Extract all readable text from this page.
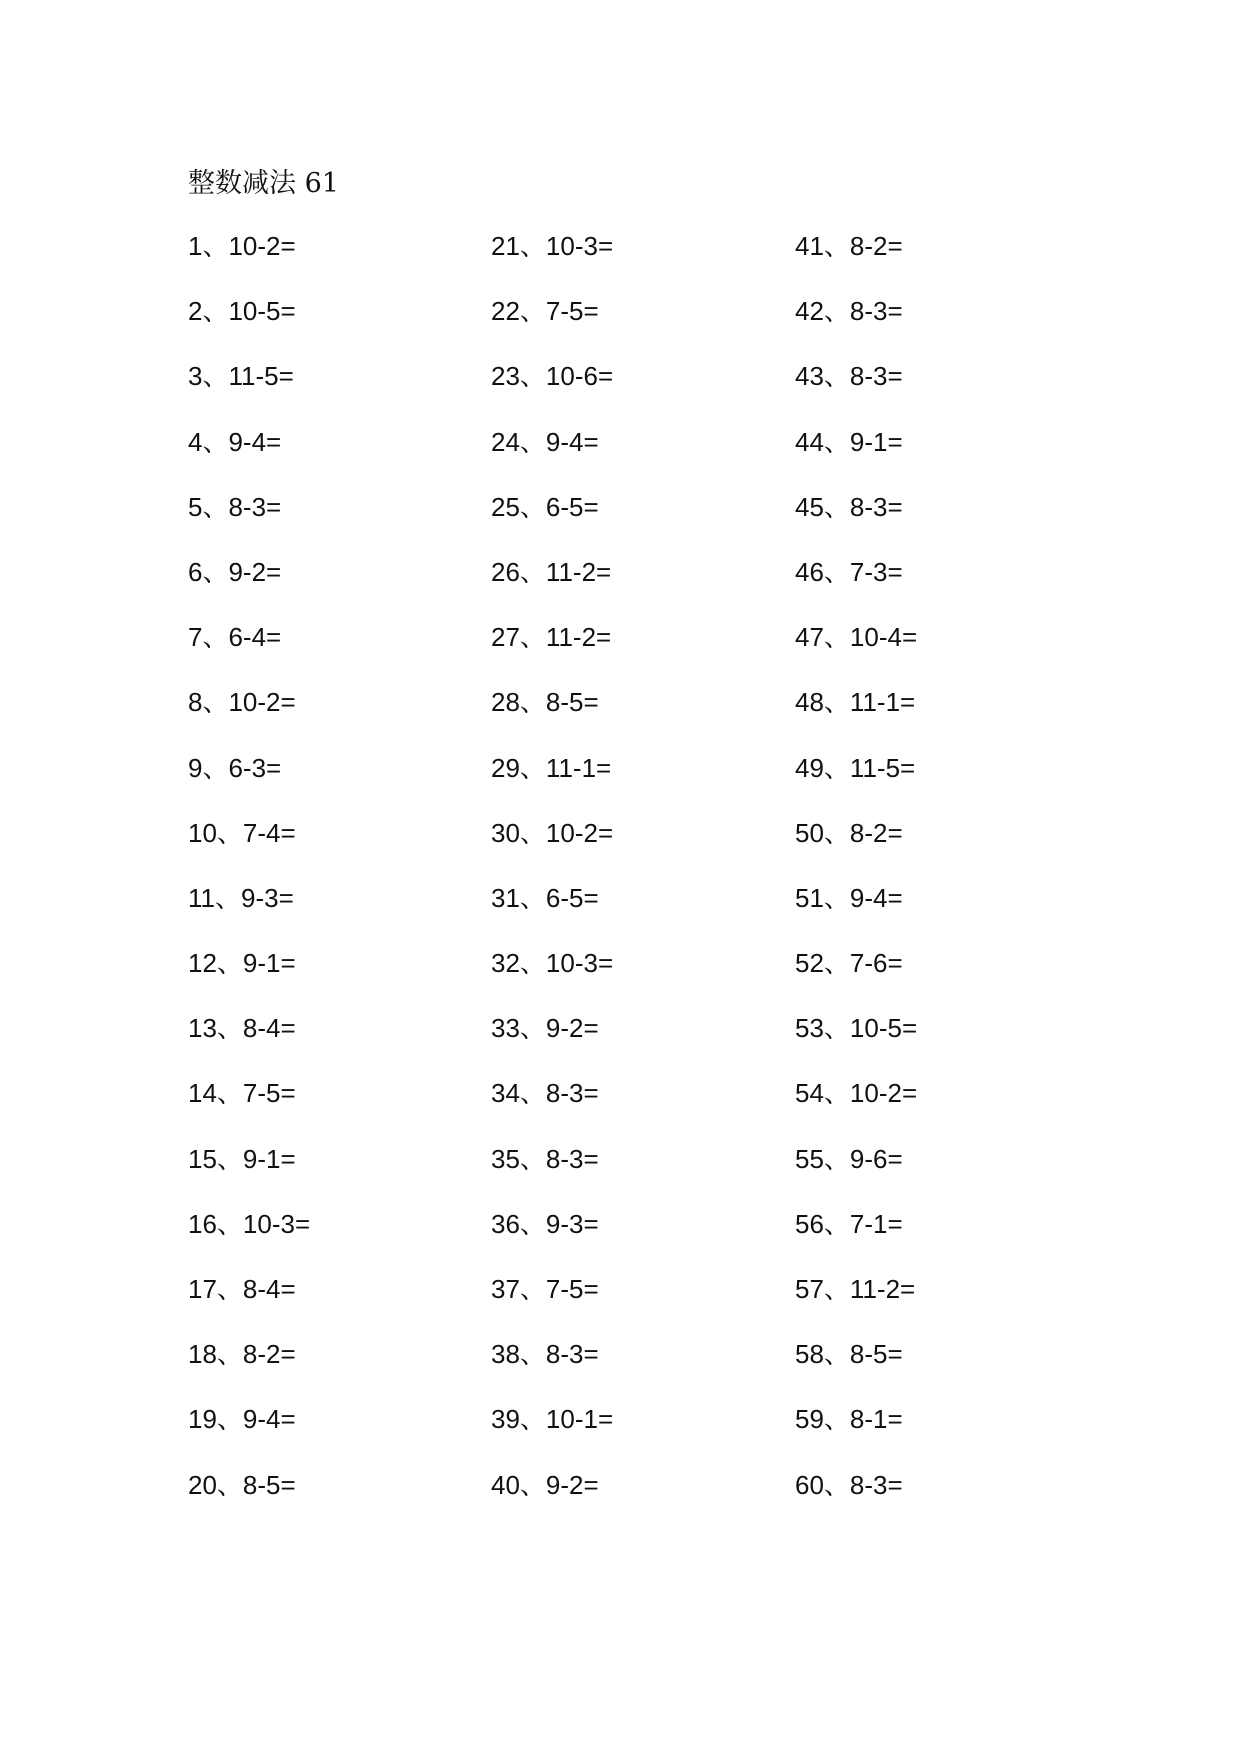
整数减法 61
1、10-2=
2、10-5=
3、11-5=
4、9-4=
5、8-3=
6、9-2=
7、6-4=
8、10-2=
9、6-3=
10、7-4=
11、9-3=
12、9-1=
13、8-4=
14、7-5=
15、9-1=
16、10-3=
17、8-4=
18、8-2=
19、9-4=
20、8-5=
21、10-3=
22、7-5=
23、10-6=
24、9-4=
25、6-5=
26、11-2=
27、11-2=
28、8-5=
29、11-1=
30、10-2=
31、6-5=
32、10-3=
33、9-2=
34、8-3=
35、8-3=
36、9-3=
37、7-5=
38、8-3=
39、10-1=
40、9-2=
41、8-2=
42、8-3=
43、8-3=
44、9-1=
45、8-3=
46、7-3=
47、10-4=
48、11-1=
49、11-5=
50、8-2=
51、9-4=
52、7-6=
53、10-5=
54、10-2=
55、9-6=
56、7-1=
57、11-2=
58、8-5=
59、8-1=
60、8-3=
